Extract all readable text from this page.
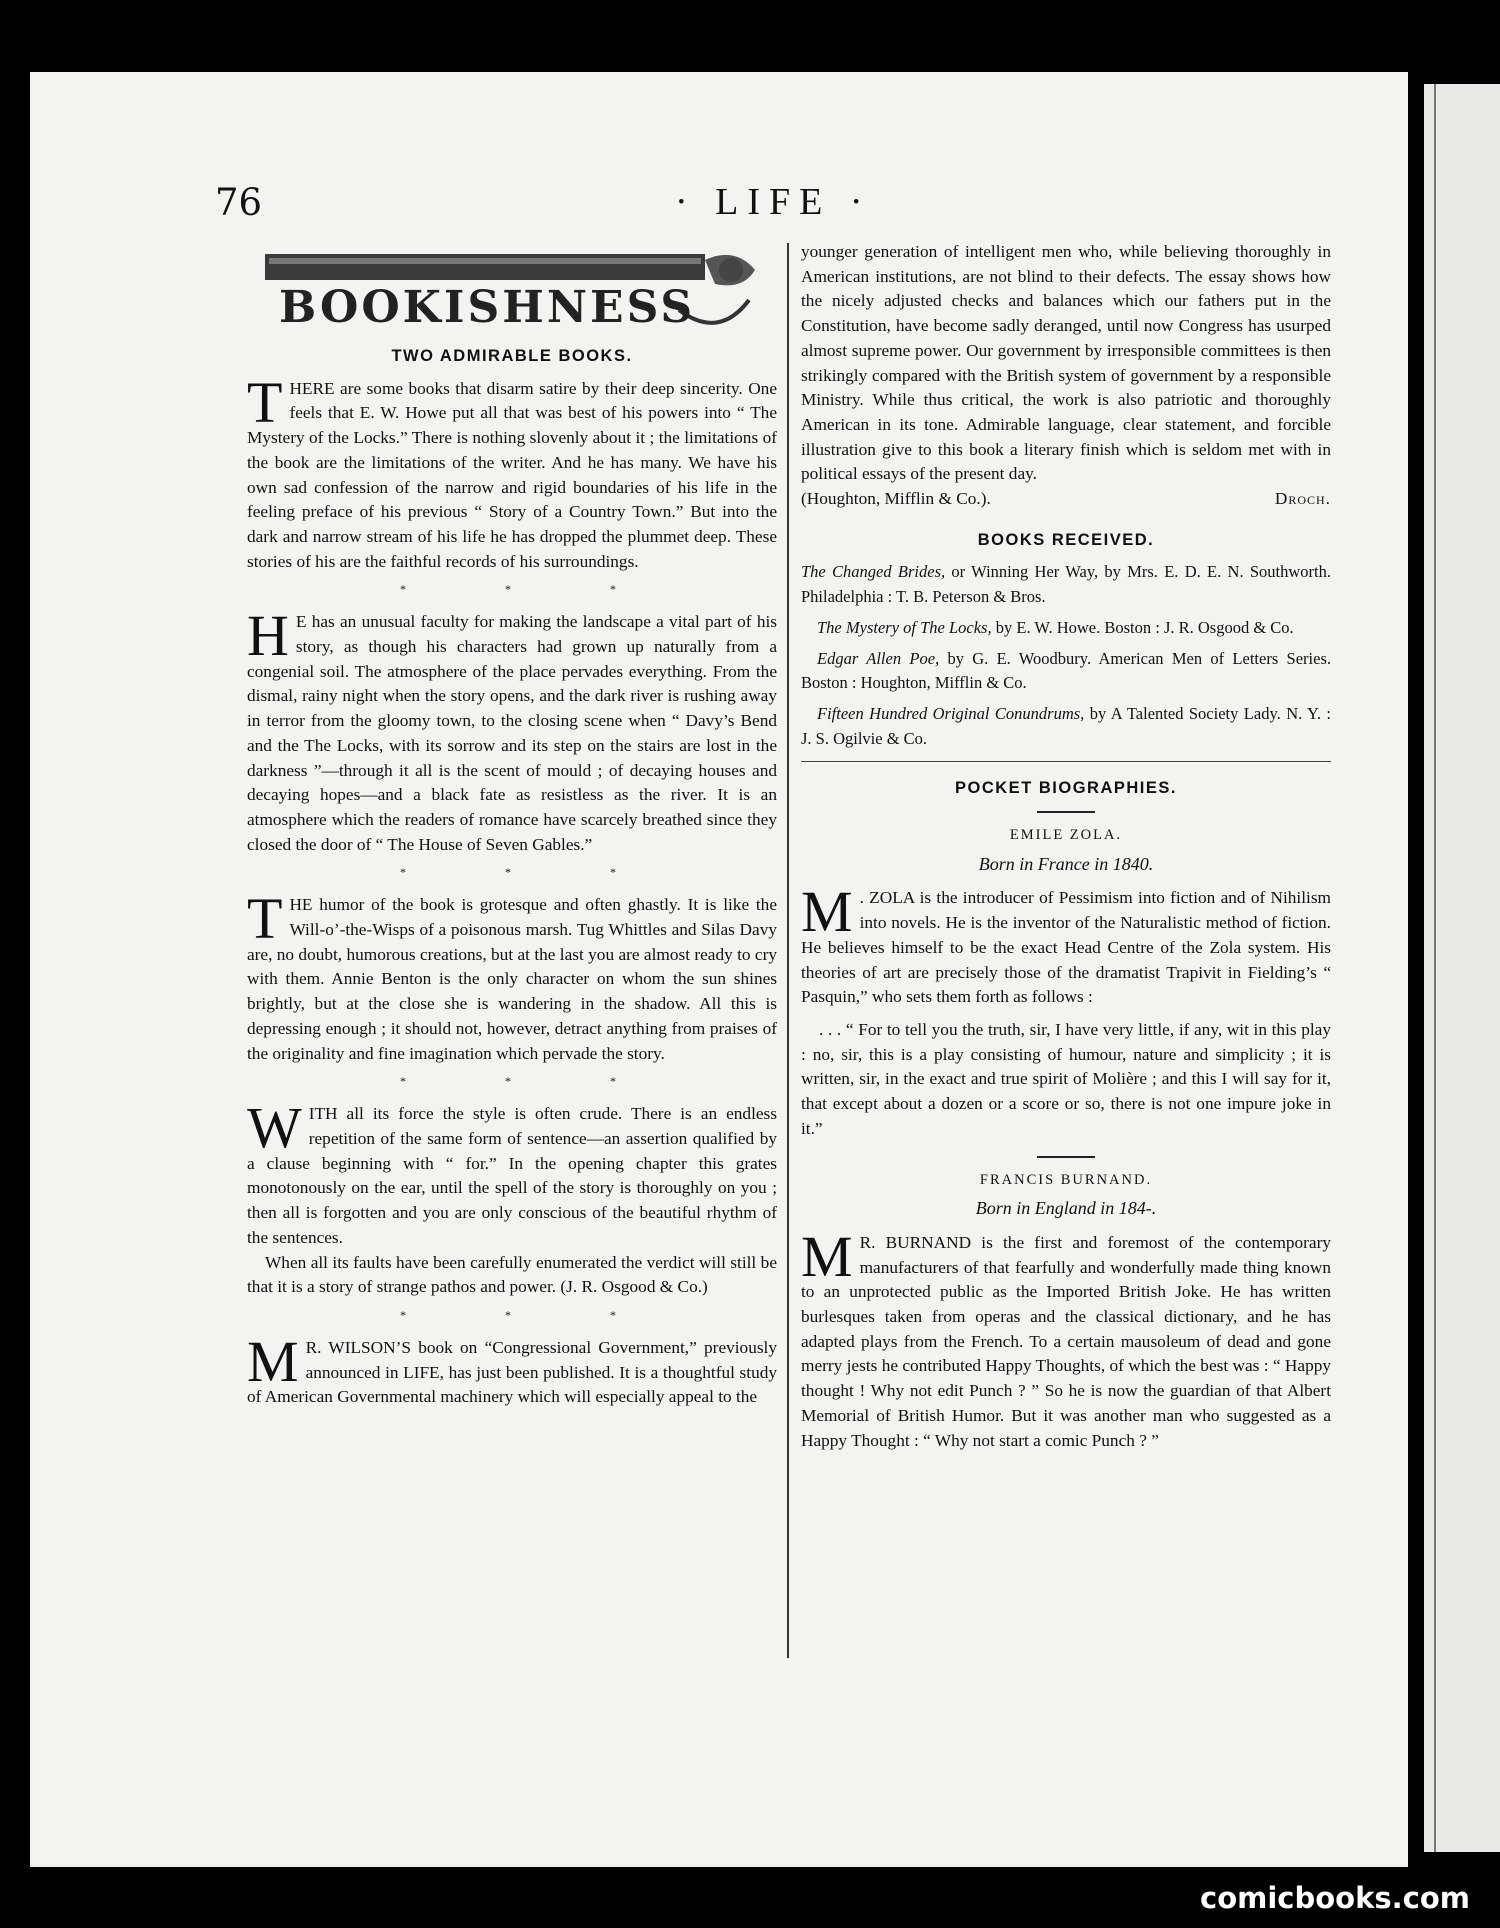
76	· LIFE ·
BOOKISHNESS
TWO ADMIRABLE BOOKS.

THERE are some books that disarm satire by their deep sincerity. One feels that E. W. Howe put all that was best of his powers into “ The Mystery of the Locks.” There is nothing slovenly about it ; the limitations of the book are the limitations of the writer. And he has many. We have his own sad confession of the narrow and rigid boundaries of his life in the feeling preface of his previous “ Story of a Country Town.” But into the dark and narrow stream of his life he has dropped the plummet deep. These stories of his are the faithful records of his surroundings.

* * *

H E has an unusual faculty for making the landscape a vital part of his story, as though his characters had grown up naturally from a congenial soil. The atmosphere of the place pervades everything. From the dismal, rainy night when the story opens, and the dark river is rushing away in terror from the gloomy town, to the closing scene when “ Davy’s Bend and the The Locks, with its sorrow and its step on the stairs are lost in the darkness ”—through it all is the scent of mould ; of decaying houses and decaying hopes—and a black fate as resistless as the river. It is an atmosphere which the readers of romance have scarcely breathed since they closed the door of “ The House of Seven Gables.”

* * *

THE humor of the book is grotesque and often ghastly. It is like the Will-o’-the-Wisps of a poisonous marsh. Tug Whittles and Silas Davy are, no doubt, humorous creations, but at the last you are almost ready to cry with them. Annie Benton is the only character on whom the sun shines brightly, but at the close she is wandering in the shadow. All this is depressing enough ; it should not, however, detract anything from praises of the originality and fine imagination which pervade the story.

* * *

WITH all its force the style is often crude. There is an endless repetition of the same form of sentence—an assertion qualified by a clause beginning with “ for.” In the opening chapter this grates monotonously on the ear, until the spell of the story is thoroughly on you ; then all is forgotten and you are only conscious of the beautiful rhythm of the sentences.

When all its faults have been carefully enumerated the verdict will still be that it is a story of strange pathos and power. (J. R. Osgood & Co.)

* * *

M R. WILSON’S book on “Congressional Government,” previously announced in LIFE, has just been published. It is a thoughtful study of American Governmental machinery which will especially appeal to the

younger generation of intelligent men who, while believing thoroughly in American institutions, are not blind to their defects. The essay shows how the nicely adjusted checks and balances which our fathers put in the Constitution, have become sadly deranged, until now Congress has usurped almost supreme power. Our government by irresponsible committees is then strikingly compared with the British system of government by a responsible Ministry. While thus critical, the work is also patriotic and thoroughly American in its tone. Admirable language, clear statement, and forcible illustration give to this book a literary finish which is seldom met with in political essays of the present day.

(Houghton, Mifflin & Co.).	Droch.
BOOKS RECEIVED.

The Changed Brides, or Winning Her Way, by Mrs. E. D. E. N. Southworth. Philadelphia : T. B. Peterson & Bros.

The Mystery of The Locks, by E. W. Howe. Boston : J. R. Osgood & Co.

Edgar Allen Poe, by G. E. Woodbury. American Men of Letters Series. Boston : Houghton, Mifflin & Co.

Fifteen Hundred Original Conundrums, by A Talented Society Lady. N. Y. : J. S. Ogilvie & Co.

POCKET BIOGRAPHIES.
EMILE ZOLA.
Born in France in 1840.

M . ZOLA is the introducer of Pessimism into fiction and of Nihilism into novels. He is the inventor of the Naturalistic method of fiction. He believes himself to be the exact Head Centre of the Zola system. His theories of art are precisely those of the dramatist Trapivit in Fielding’s “ Pasquin,” who sets them forth as follows :

. . . “ For to tell you the truth, sir, I have very little, if any, wit in this play : no, sir, this is a play consisting of humour, nature and simplicity ; it is written, sir, in the exact and true spirit of Molière ; and this I will say for it, that except about a dozen or a score or so, there is not one impure joke in it.”

FRANCIS BURNAND.
Born in England in 184-.

M R. BURNAND is the first and foremost of the contemporary manufacturers of that fearfully and wonderfully made thing known to an unprotected public as the Imported British Joke. He has written burlesques taken from operas and the classical dictionary, and he has adapted plays from the French. To a certain mausoleum of dead and gone merry jests he contributed Happy Thoughts, of which the best was : “ Happy thought ! Why not edit Punch ? ” So he is now the guardian of that Albert Memorial of British Humor. But it was another man who suggested as a Happy Thought : “ Why not start a comic Punch ? ”

comicbooks.com
